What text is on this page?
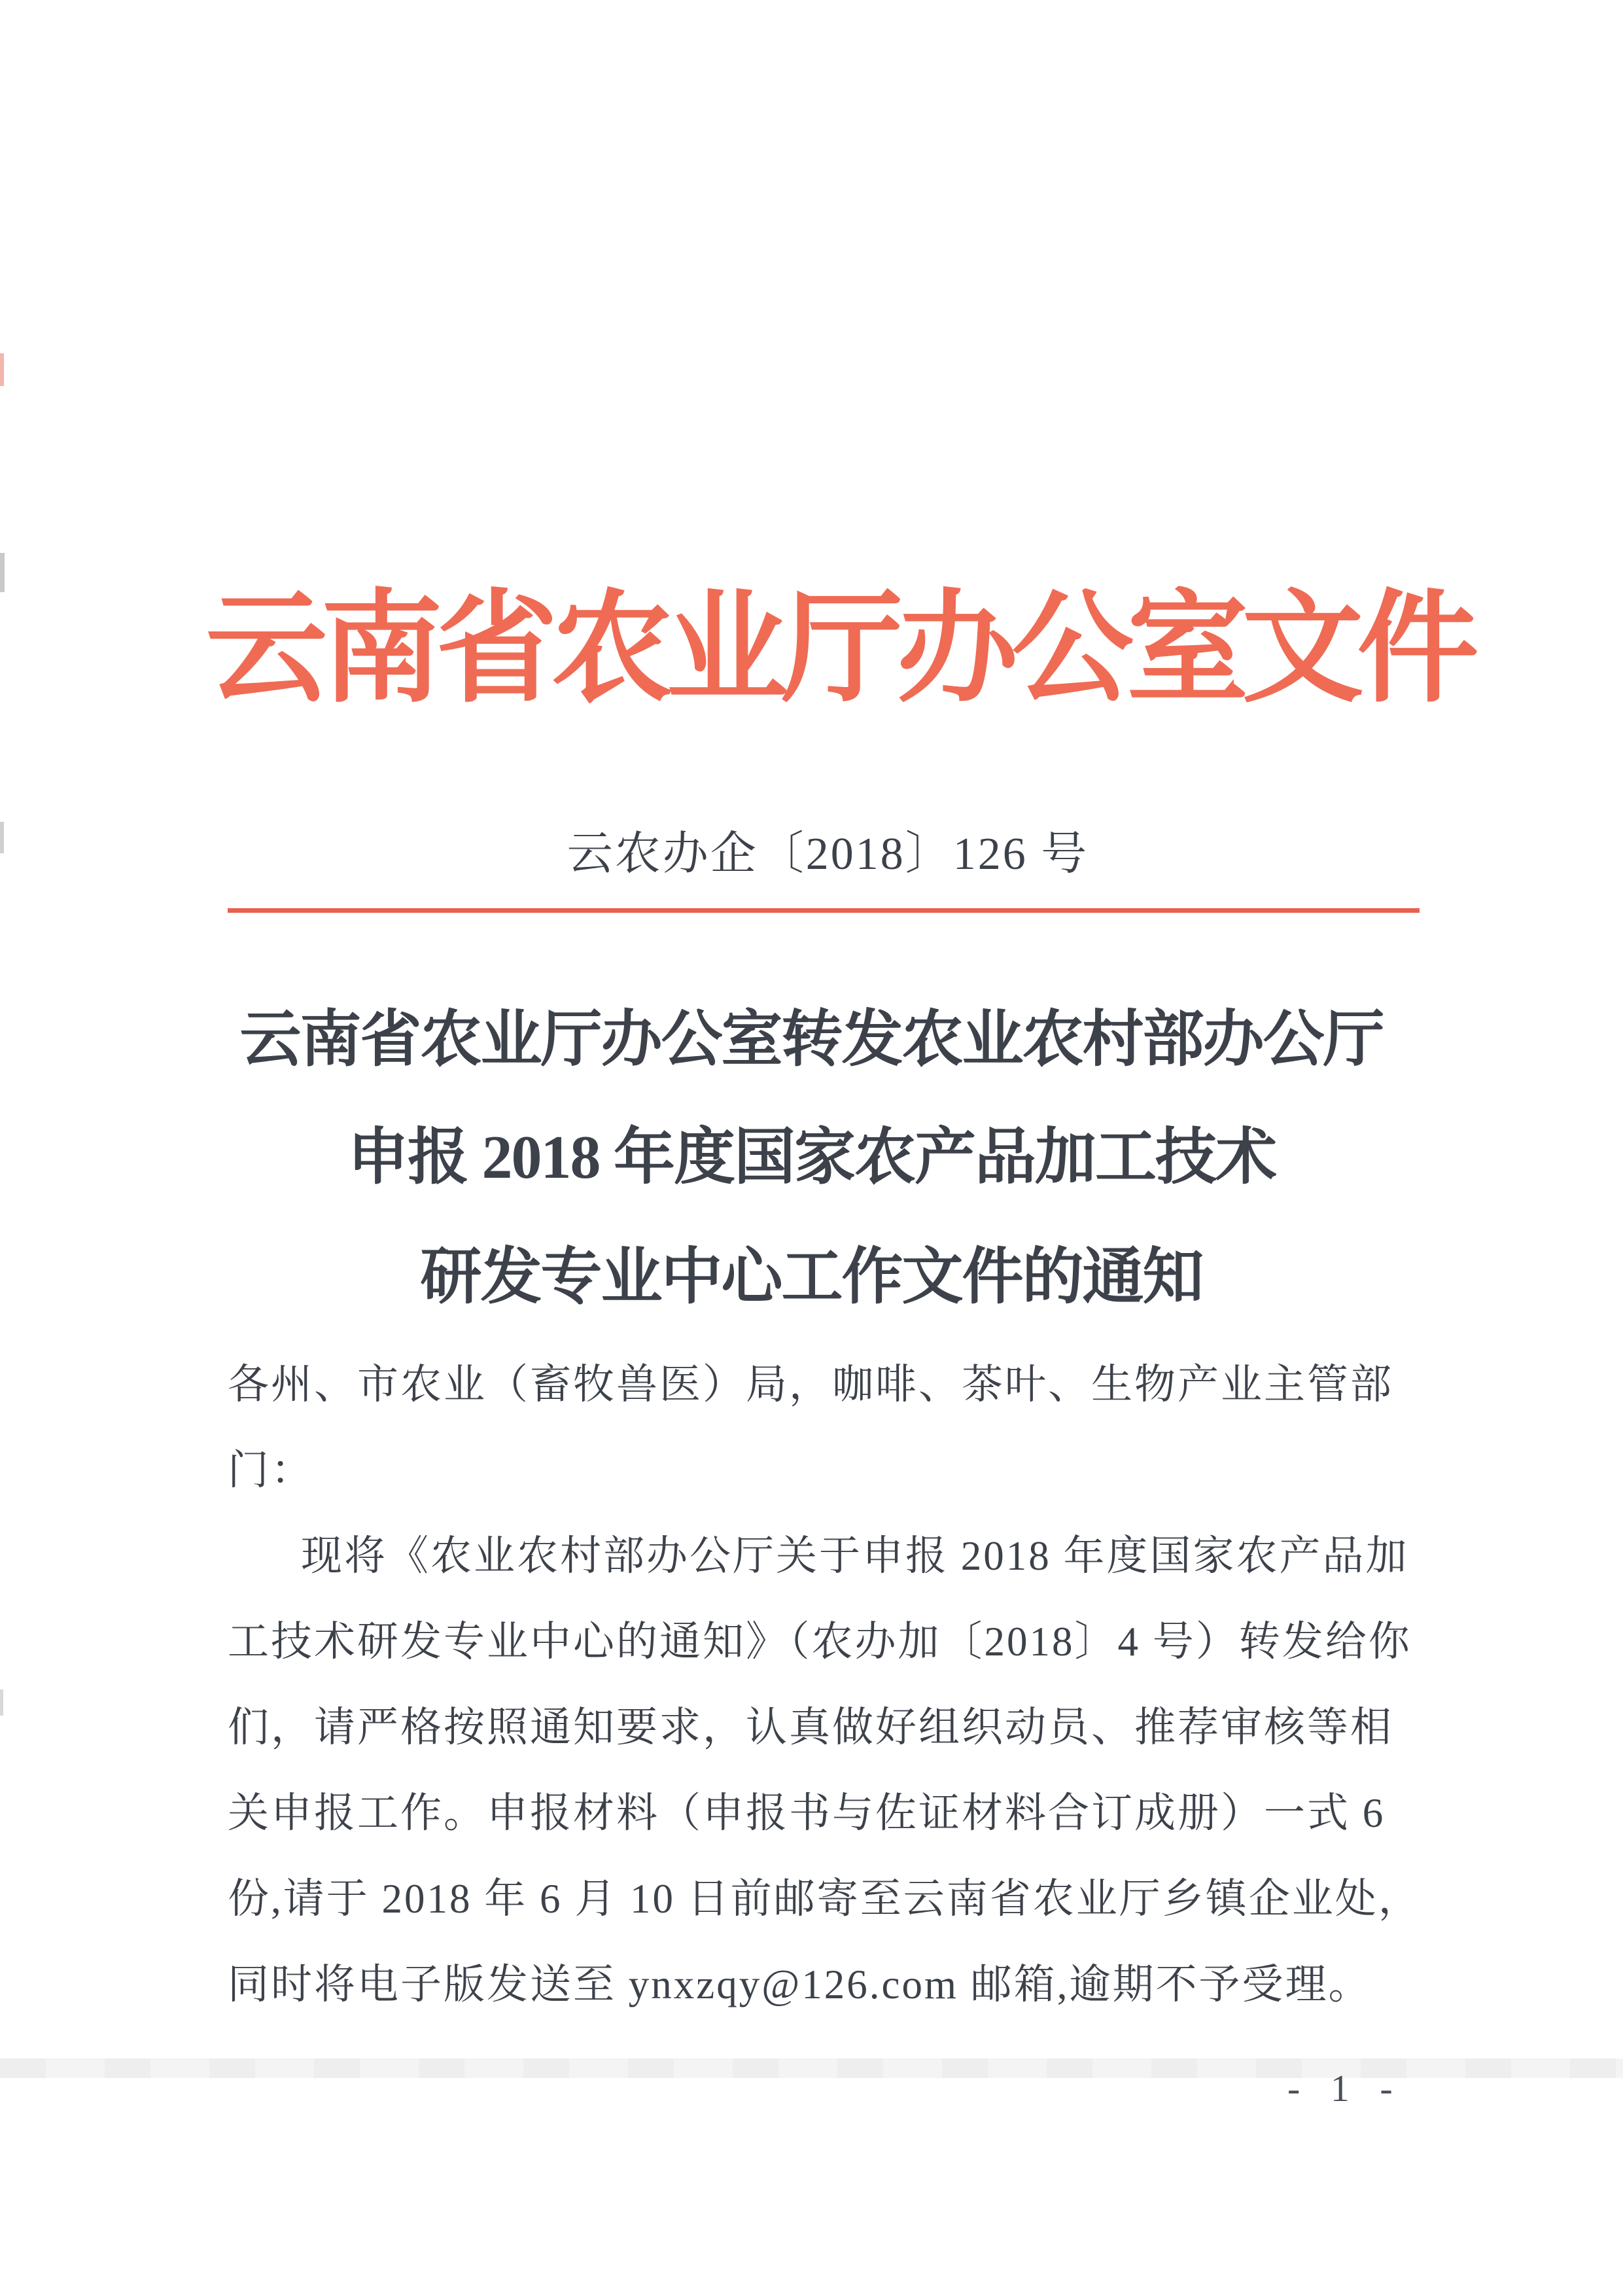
云南省农业厅办公室文件
云农办企〔2018〕126 号
云南省农业厅办公室转发农业农村部办公厅
申报 2018 年度国家农产品加工技术
研发专业中心工作文件的通知
各州、市农业（畜牧兽医）局，咖啡、茶叶、生物产业主管部
门：
现将《农业农村部办公厅关于申报 2018 年度国家农产品加
工技术研发专业中心的通知》（农办加〔2018〕4 号）转发给你
们，请严格按照通知要求，认真做好组织动员、推荐审核等相
关申报工作。申报材料（申报书与佐证材料合订成册）一式 6
份,请于 2018 年 6 月 10 日前邮寄至云南省农业厅乡镇企业处，
同时将电子版发送至 ynxzqy@126.com 邮箱,逾期不予受理。
- 1 -
